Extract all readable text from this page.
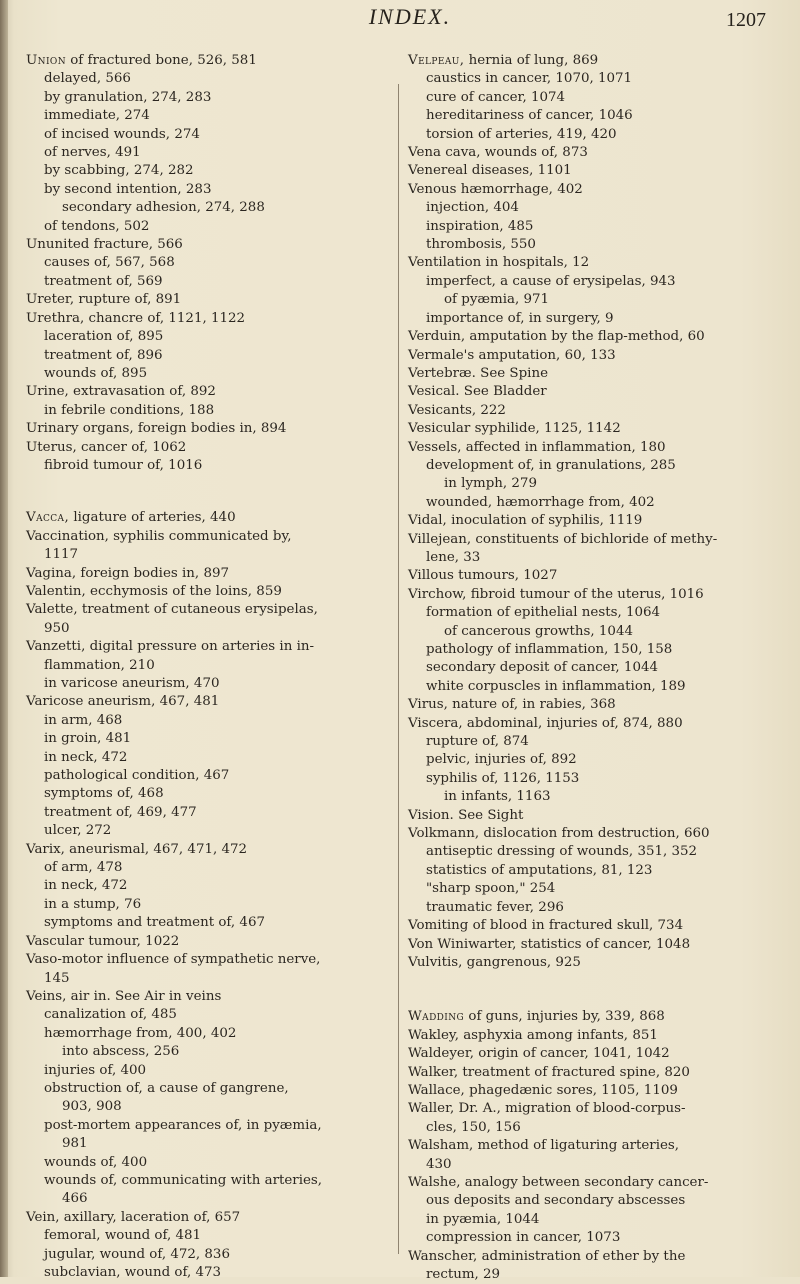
INDEX.	1207
Union of fractured bone, 526, 581
delayed, 566
by granulation, 274, 283
immediate, 274
of incised wounds, 274
of nerves, 491
by scabbing, 274, 282
by second intention, 283
secondary adhesion, 274, 288
of tendons, 502
Ununited fracture, 566
causes of, 567, 568
treatment of, 569
Ureter, rupture of, 891
Urethra, chancre of, 1121, 1122
laceration of, 895
treatment of, 896
wounds of, 895
Urine, extravasation of, 892
in febrile conditions, 188
Urinary organs, foreign bodies in, 894
Uterus, cancer of, 1062
fibroid tumour of, 1016
Vacca, ligature of arteries, 440
Vaccination, syphilis communicated by,
1117
Vagina, foreign bodies in, 897
Valentin, ecchymosis of the loins, 859
Valette, treatment of cutaneous erysipelas,
950
Vanzetti, digital pressure on arteries in in-
flammation, 210
in varicose aneurism, 470
Varicose aneurism, 467, 481
in arm, 468
in groin, 481
in neck, 472
pathological condition, 467
symptoms of, 468
treatment of, 469, 477
ulcer, 272
Varix, aneurismal, 467, 471, 472
of arm, 478
in neck, 472
in a stump, 76
symptoms and treatment of, 467
Vascular tumour, 1022
Vaso-motor influence of sympathetic nerve,
145
Veins, air in. See Air in veins
canalization of, 485
hæmorrhage from, 400, 402
into abscess, 256
injuries of, 400
obstruction of, a cause of gangrene,
903, 908
post-mortem appearances of, in pyæmia,
981
wounds of, 400
wounds of, communicating with arteries,
466
Vein, axillary, laceration of, 657
femoral, wound of, 481
jugular, wound of, 472, 836
subclavian, wound of, 473
Velpeau, hernia of lung, 869
caustics in cancer, 1070, 1071
cure of cancer, 1074
hereditariness of cancer, 1046
torsion of arteries, 419, 420
Vena cava, wounds of, 873
Venereal diseases, 1101
Venous hæmorrhage, 402
injection, 404
inspiration, 485
thrombosis, 550
Ventilation in hospitals, 12
imperfect, a cause of erysipelas, 943
of pyæmia, 971
importance of, in surgery, 9
Verduin, amputation by the flap-method, 60
Vermale's amputation, 60, 133
Vertebræ. See Spine
Vesical. See Bladder
Vesicants, 222
Vesicular syphilide, 1125, 1142
Vessels, affected in inflammation, 180
development of, in granulations, 285
in lymph, 279
wounded, hæmorrhage from, 402
Vidal, inoculation of syphilis, 1119
Villejean, constituents of bichloride of methy-
lene, 33
Villous tumours, 1027
Virchow, fibroid tumour of the uterus, 1016
formation of epithelial nests, 1064
of cancerous growths, 1044
pathology of inflammation, 150, 158
secondary deposit of cancer, 1044
white corpuscles in inflammation, 189
Virus, nature of, in rabies, 368
Viscera, abdominal, injuries of, 874, 880
rupture of, 874
pelvic, injuries of, 892
syphilis of, 1126, 1153
in infants, 1163
Vision. See Sight
Volkmann, dislocation from destruction, 660
antiseptic dressing of wounds, 351, 352
statistics of amputations, 81, 123
"sharp spoon," 254
traumatic fever, 296
Vomiting of blood in fractured skull, 734
Von Winiwarter, statistics of cancer, 1048
Vulvitis, gangrenous, 925
Wadding of guns, injuries by, 339, 868
Wakley, asphyxia among infants, 851
Waldeyer, origin of cancer, 1041, 1042
Walker, treatment of fractured spine, 820
Wallace, phagedænic sores, 1105, 1109
Waller, Dr. A., migration of blood-corpus-
cles, 150, 156
Walsham, method of ligaturing arteries,
430
Walshe, analogy between secondary cancer-
ous deposits and secondary abscesses
in pyæmia, 1044
compression in cancer, 1073
Wanscher, administration of ether by the
rectum, 29
